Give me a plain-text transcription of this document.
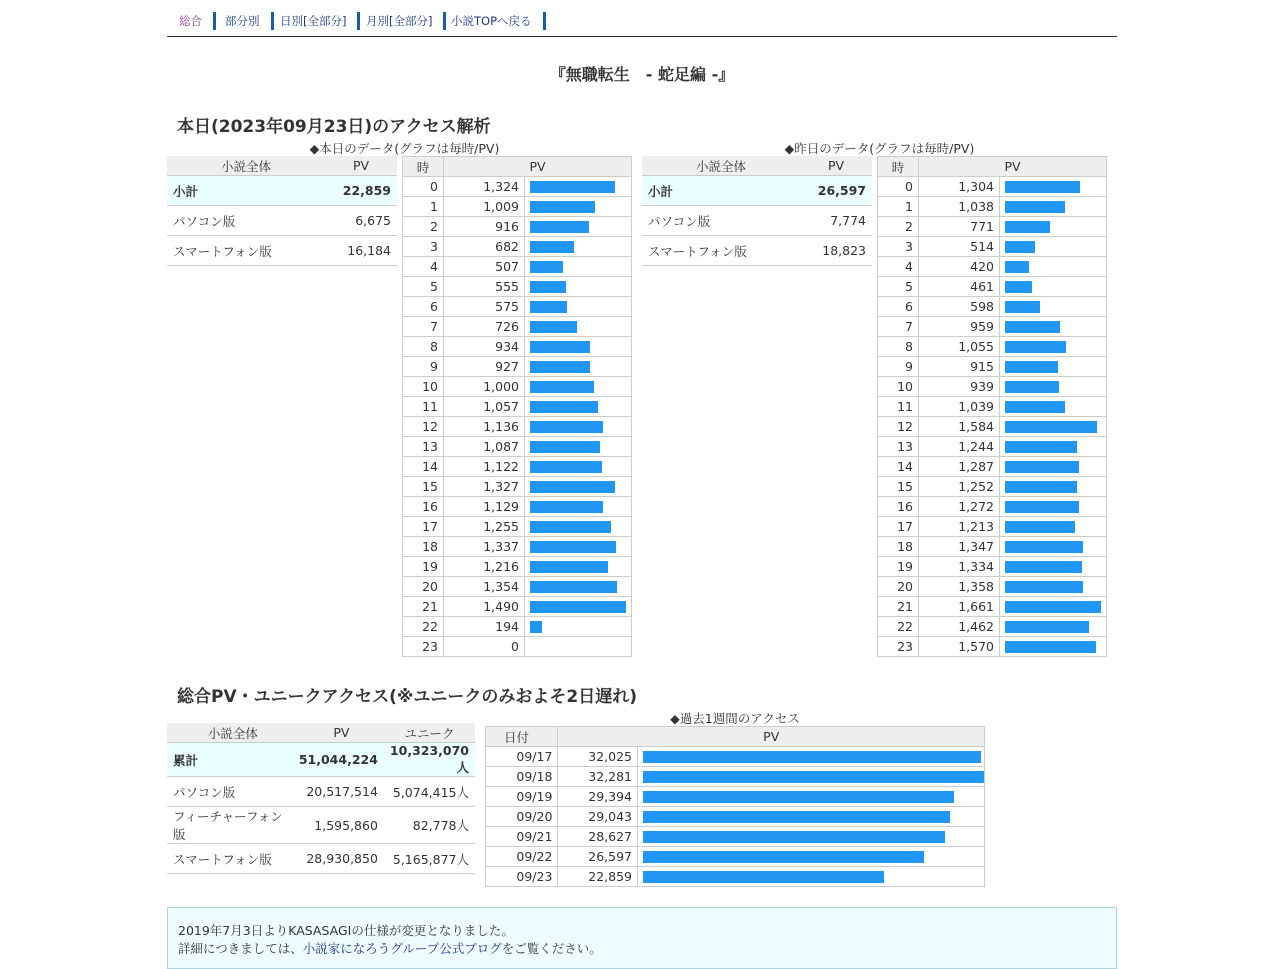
総合	部分別	日別[全部分]	月別[全部分]	小説TOPへ戻る
『無職転生　- 蛇足編 -』
本日(2023年09月23日)のアクセス解析
◆本日のデータ(グラフは毎時/PV)	◆昨日のデータ(グラフは毎時/PV)
小説全体	PV
小計	22,859
パソコン版	6,675
スマートフォン版	16,184
時	PV	
0	1,324	

1	1,009	

2	916	

3	682	

4	507	

5	555	

6	575	

7	726	

8	934	

9	927	

10	1,000	

11	1,057	

12	1,136	

13	1,087	

14	1,122	

15	1,327	

16	1,129	

17	1,255	

18	1,337	

19	1,216	

20	1,354	

21	1,490	

22	194	

23	0	
小説全体	PV
小計	26,597
パソコン版	7,774
スマートフォン版	18,823
時	PV	
0	1,304	

1	1,038	

2	771	

3	514	

4	420	

5	461	

6	598	

7	959	

8	1,055	

9	915	

10	939	

11	1,039	

12	1,584	

13	1,244	

14	1,287	

15	1,252	

16	1,272	

17	1,213	

18	1,347	

19	1,334	

20	1,358	

21	1,661	

22	1,462	

23	1,570	
総合PV・ユニークアクセス(※ユニークのみおよそ2日遅れ)
小説全体	PV	ユニーク
累計	51,044,224	10,323,070人
パソコン版	20,517,514	5,074,415人
フィーチャーフォン版	1,595,860	82,778人
スマートフォン版	28,930,850	5,165,877人
◆過去1週間のアクセス
日付	PV	
09/17	32,025	

09/18	32,281	

09/19	29,394	

09/20	29,043	

09/21	28,627	

09/22	26,597	

09/23	22,859	

2019年7月3日よりKASASAGIの仕様が変更となりました。

詳細につきましては、小説家になろうグループ公式ブログをご覧ください。
